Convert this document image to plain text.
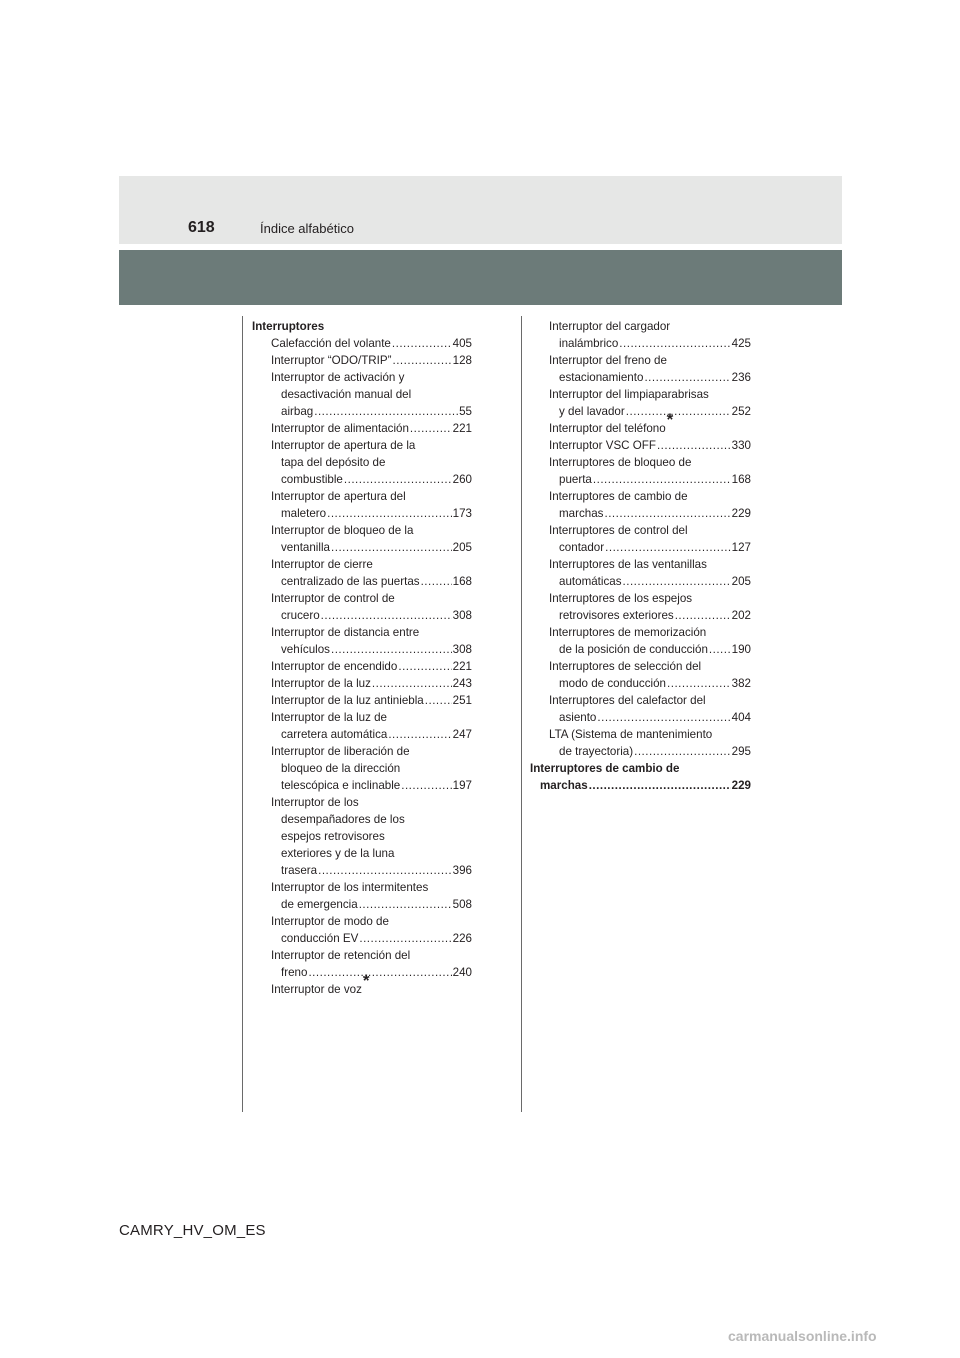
618	Índice alfabético
Interruptores
Calefacción del volante .....	405
Interruptor “ODO/TRIP” .....	128
Interruptor de activación y
desactivación manual del
airbag .....	55
Interruptor de alimentación .....	221
Interruptor de apertura de la
tapa del depósito de
combustible .....	260
Interruptor de apertura del
maletero .....	173
Interruptor de bloqueo de la
ventanilla .....	205
Interruptor de cierre
centralizado de las puertas .....	168
Interruptor de control de
crucero .....	308
Interruptor de distancia entre
vehículos .....	308
Interruptor de encendido .....	221
Interruptor de la luz .....	243
Interruptor de la luz antiniebla ..... 251
Interruptor de la luz de
carretera automática .....	247
Interruptor de liberación de
bloqueo de la dirección
telescópica e inclinable .....	197
Interruptor de los
desempañadores de los
espejos retrovisores
exteriores y de la luna
trasera .....	396
Interruptor de los intermitentes
de emergencia .....	508
Interruptor de modo de
conducción EV .....	226
Interruptor de retención del
freno .....	240
Interruptor de voz *
Interruptor del cargador
inalámbrico .....	425
Interruptor del freno de
estacionamiento .....	236
Interruptor del limpiaparabrisas
y del lavador .....	252
Interruptor del teléfono *
Interruptor VSC OFF .....	330
Interruptores de bloqueo de
puerta .....	168
Interruptores de cambio de
marchas .....	229
Interruptores de control del
contador .....	127
Interruptores de las ventanillas
automáticas .....	205
Interruptores de los espejos
retrovisores exteriores .....	202
Interruptores de memorización
de la posición de conducción ..... 190
Interruptores de selección del
modo de conducción .....	382
Interruptores del calefactor del
asiento .....	404
LTA (Sistema de mantenimiento
de trayectoria) .....	295
Interruptores de cambio de
marchas .....	229
CAMRY_HV_OM_ES
carmanualsonline.info
